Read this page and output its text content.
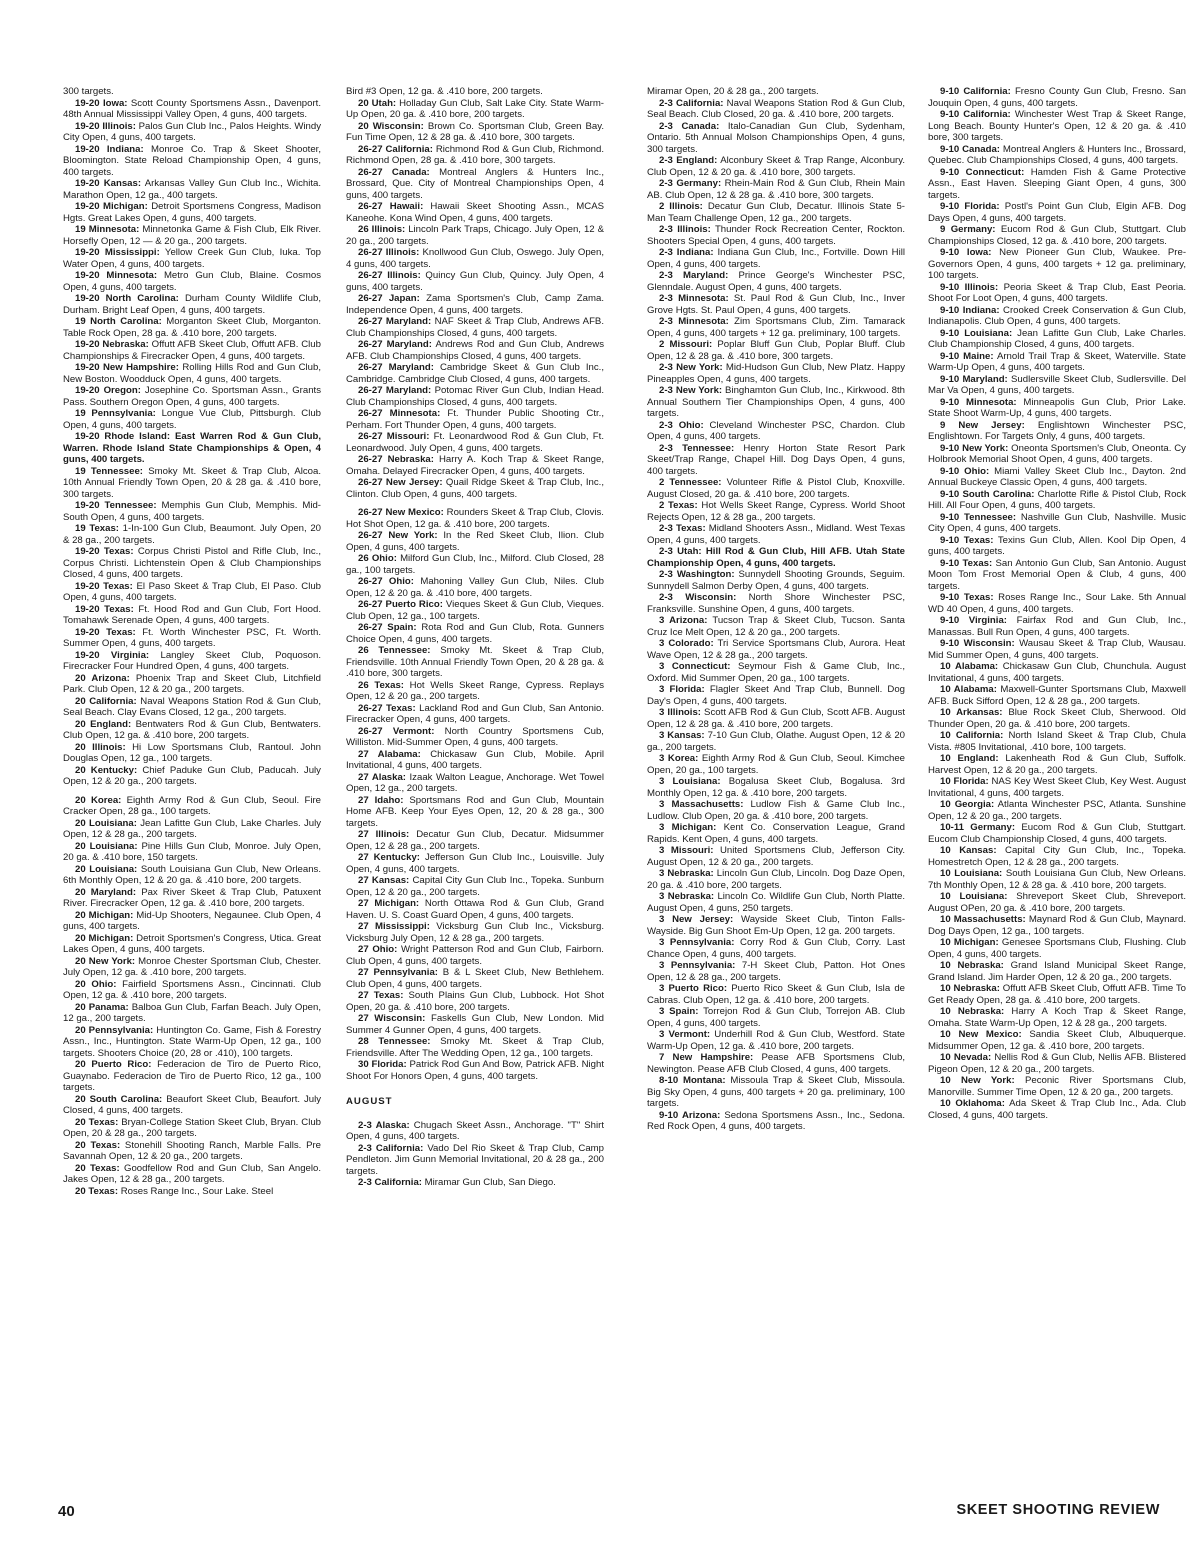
300 targets.

19-20 Iowa: Scott County Sportsmens Assn., Davenport. 48th Annual Mississippi Valley Open, 4 guns, 400 targets.

19-20 Illinois: Palos Gun Club Inc., Palos Heights. Windy City Open, 4 guns, 400 targets.

19-20 Indiana: Monroe Co. Trap & Skeet Shooter, Bloomington. State Reload Championship Open, 4 guns, 400 targets.

19-20 Kansas: Arkansas Valley Gun Club Inc., Wichita. Marathon Open, 12 ga., 400 targets.

19-20 Michigan: Detroit Sportsmens Congress, Madison Hgts. Great Lakes Open, 4 guns, 400 targets.

19 Minnesota: Minnetonka Game & Fish Club, Elk River. Horsefly Open, 12 — & 20 ga., 200 targets.

19-20 Mississippi: Yellow Creek Gun Club, Iuka. Top Water Open, 4 guns, 400 targets.

19-20 Minnesota: Metro Gun Club, Blaine. Cosmos Open, 4 guns, 400 targets.

19-20 North Carolina: Durham County Wildlife Club, Durham. Bright Leaf Open, 4 guns, 400 targets.

19 North Carolina: Morganton Skeet Club, Morganton. Table Rock Open, 28 ga. & .410 bore, 200 targets.

19-20 Nebraska: Offutt AFB Skeet Club, Offutt AFB. Club Championships & Firecracker Open, 4 guns, 400 targets.

19-20 New Hampshire: Rolling Hills Rod and Gun Club, New Boston. Woodduck Open, 4 guns, 400 targets.

19-20 Oregon: Josephine Co. Sportsman Assn., Grants Pass. Southern Oregon Open, 4 guns, 400 targets.

19 Pennsylvania: Longue Vue Club, Pittsburgh. Club Open, 4 guns, 400 targets.

19-20 Rhode Island: East Warren Rod & Gun Club, Warren. Rhode Island State Championships & Open, 4 guns, 400 targets.

19 Tennessee: Smoky Mt. Skeet & Trap Club, Alcoa. 10th Annual Friendly Town Open, 20 & 28 ga. & .410 bore, 300 targets.

19-20 Tennessee: Memphis Gun Club, Memphis. Mid-South Open, 4 guns, 400 targets.

19 Texas: 1-In-100 Gun Club, Beaumont. July Open, 20 & 28 ga., 200 targets.

19-20 Texas: Corpus Christi Pistol and Rifle Club, Inc., Corpus Christi. Lichtenstein Open & Club Championships Closed, 4 guns, 400 targets.

19-20 Texas: El Paso Skeet & Trap Club, El Paso. Club Open, 4 guns, 400 targets.

19-20 Texas: Ft. Hood Rod and Gun Club, Fort Hood. Tomahawk Serenade Open, 4 guns, 400 targets.

19-20 Texas: Ft. Worth Winchester PSC, Ft. Worth. Summer Open, 4 guns, 400 targets.

19-20 Virginia: Langley Skeet Club, Poquoson. Firecracker Four Hundred Open, 4 guns, 400 targets.

20 Arizona: Phoenix Trap and Skeet Club, Litchfield Park. Club Open, 12 & 20 ga., 200 targets.

20 California: Naval Weapons Station Rod & Gun Club, Seal Beach. Clay Evans Closed, 12 ga., 200 targets.

20 England: Bentwaters Rod & Gun Club, Bentwaters. Club Open, 12 ga. & .410 bore, 200 targets.

20 Illinois: Hi Low Sportsmans Club, Rantoul. John Douglas Open, 12 ga., 100 targets.

20 Kentucky: Chief Paduke Gun Club, Paducah. July Open, 12 & 20 ga., 200 targets.

20 Korea: Eighth Army Rod & Gun Club, Seoul. Fire Cracker Open, 28 ga., 100 targets.

20 Louisiana: Jean Lafitte Gun Club, Lake Charles. July Open, 12 & 28 ga., 200 targets.

20 Louisiana: Pine Hills Gun Club, Monroe. July Open, 20 ga. & .410 bore, 150 targets.

20 Louisiana: South Louisiana Gun Club, New Orleans. 6th Monthly Open, 12 & 20 ga. & .410 bore, 200 targets.

20 Maryland: Pax River Skeet & Trap Club, Patuxent River. Firecracker Open, 12 ga. & .410 bore, 200 targets.

20 Michigan: Mid-Up Shooters, Negaunee. Club Open, 4 guns, 400 targets.

20 Michigan: Detroit Sportsmen's Congress, Utica. Great Lakes Open, 4 guns, 400 targets.

20 New York: Monroe Chester Sportsman Club, Chester. July Open, 12 ga. & .410 bore, 200 targets.

20 Ohio: Fairfield Sportsmens Assn., Cincinnati. Club Open, 12 ga. & .410 bore, 200 targets.

20 Panama: Balboa Gun Club, Farfan Beach. July Open, 12 ga., 200 targets.

20 Pennsylvania: Huntington Co. Game, Fish & Forestry Assn., Inc., Huntington. State Warm-Up Open, 12 ga., 100 targets. Shooters Choice (20, 28 or .410), 100 targets.

20 Puerto Rico: Federacion de Tiro de Puerto Rico, Guaynabo. Federacion de Tiro de Puerto Rico, 12 ga., 100 targets.

20 South Carolina: Beaufort Skeet Club, Beaufort. July Closed, 4 guns, 400 targets.

20 Texas: Bryan-College Station Skeet Club, Bryan. Club Open, 20 & 28 ga., 200 targets.

20 Texas: Stonehill Shooting Ranch, Marble Falls. Pre Savannah Open, 12 & 20 ga., 200 targets.

20 Texas: Goodfellow Rod and Gun Club, San Angelo. Jakes Open, 12 & 28 ga., 200 targets.

20 Texas: Roses Range Inc., Sour Lake. Steel

Bird #3 Open, 12 ga. & .410 bore, 200 targets.

20 Utah: Holladay Gun Club, Salt Lake City. State Warm-Up Open, 20 ga. & .410 bore, 200 targets.

20 Wisconsin: Brown Co. Sportsman Club, Green Bay. Fun Time Open, 12 & 28 ga. & .410 bore, 300 targets.

26-27 California: Richmond Rod & Gun Club, Richmond. Richmond Open, 28 ga. & .410 bore, 300 targets.

26-27 Canada: Montreal Anglers & Hunters Inc., Brossard, Que. City of Montreal Championships Open, 4 guns, 400 targets.

26-27 Hawaii: Hawaii Skeet Shooting Assn., MCAS Kaneohe. Kona Wind Open, 4 guns, 400 targets.

26 Illinois: Lincoln Park Traps, Chicago. July Open, 12 & 20 ga., 200 targets.

26-27 Illinois: Knollwood Gun Club, Oswego. July Open, 4 guns, 400 targets.

26-27 Illinois: Quincy Gun Club, Quincy. July Open, 4 guns, 400 targets.

26-27 Japan: Zama Sportsmen's Club, Camp Zama. Independence Open, 4 guns, 400 targets.

26-27 Maryland: NAF Skeet & Trap Club, Andrews AFB. Club Championships Closed, 4 guns, 400 targets.

26-27 Maryland: Andrews Rod and Gun Club, Andrews AFB. Club Championships Closed, 4 guns, 400 targets.

26-27 Maryland: Cambridge Skeet & Gun Club Inc., Cambridge. Cambridge Club Closed, 4 guns, 400 targets.

26-27 Maryland: Potomac River Gun Club, Indian Head. Club Championships Closed, 4 guns, 400 targets.

26-27 Minnesota: Ft. Thunder Public Shooting Ctr., Perham. Fort Thunder Open, 4 guns, 400 targets.

26-27 Missouri: Ft. Leonardwood Rod & Gun Club, Ft. Leonardwood. July Open, 4 guns, 400 targets.

26-27 Nebraska: Harry A. Koch Trap & Skeet Range, Omaha. Delayed Firecracker Open, 4 guns, 400 targets.

26-27 New Jersey: Quail Ridge Skeet & Trap Club, Inc., Clinton. Club Open, 4 guns, 400 targets.

26-27 New Mexico: Rounders Skeet & Trap Club, Clovis. Hot Shot Open, 12 ga. & .410 bore, 200 targets.

26-27 New York: In the Red Skeet Club, Ilion. Club Open, 4 guns, 400 targets.

26 Ohio: Milford Gun Club, Inc., Milford. Club Closed, 28 ga., 100 targets.

26-27 Ohio: Mahoning Valley Gun Club, Niles. Club Open, 12 & 20 ga. & .410 bore, 400 targets.

26-27 Puerto Rico: Vieques Skeet & Gun Club, Vieques. Club Open, 12 ga., 100 targets.

26-27 Spain: Rota Rod and Gun Club, Rota. Gunners Choice Open, 4 guns, 400 targets.

26 Tennessee: Smoky Mt. Skeet & Trap Club, Friendsville. 10th Annual Friendly Town Open, 20 & 28 ga. & .410 bore, 300 targets.

26 Texas: Hot Wells Skeet Range, Cypress. Replays Open, 12 & 20 ga., 200 targets.

26-27 Texas: Lackland Rod and Gun Club, San Antonio. Firecracker Open, 4 guns, 400 targets.

26-27 Vermont: North Country Sportsmens Cub, Williston. Mid-Summer Open, 4 guns, 400 targets.

27 Alabama: Chickasaw Gun Club, Mobile. April Invitational, 4 guns, 400 targets.

27 Alaska: Izaak Walton League, Anchorage. Wet Towel Open, 12 ga., 200 targets.

27 Idaho: Sportsmans Rod and Gun Club, Mountain Home AFB. Keep Your Eyes Open, 12, 20 & 28 ga., 300 targets.

27 Illinois: Decatur Gun Club, Decatur. Midsummer Open, 12 & 28 ga., 200 targets.

27 Kentucky: Jefferson Gun Club Inc., Louisville. July Open, 4 guns, 400 targets.

27 Kansas: Capital City Gun Club Inc., Topeka. Sunburn Open, 12 & 20 ga., 200 targets.

27 Michigan: North Ottawa Rod & Gun Club, Grand Haven. U. S. Coast Guard Open, 4 guns, 400 targets.

27 Mississippi: Vicksburg Gun Club Inc., Vicksburg. Vicksburg July Open, 12 & 28 ga., 200 targets.

27 Ohio: Wright Patterson Rod and Gun Club, Fairborn. Club Open, 4 guns, 400 targets.

27 Pennsylvania: B & L Skeet Club, New Bethlehem. Club Open, 4 guns, 400 targets.

27 Texas: South Plains Gun Club, Lubbock. Hot Shot Open, 20 ga. & .410 bore, 200 targets.

27 Wisconsin: Faskells Gun Club, New London. Mid Summer 4 Gunner Open, 4 guns, 400 targets.

28 Tennessee: Smoky Mt. Skeet & Trap Club, Friendsville. After The Wedding Open, 12 ga., 100 targets.

30 Florida: Patrick Rod Gun And Bow, Patrick AFB. Night Shoot For Honors Open, 4 guns, 400 targets.

AUGUST

2-3 Alaska: Chugach Skeet Assn., Anchorage. "T" Shirt Open, 4 guns, 400 targets.

2-3 California: Vado Del Rio Skeet & Trap Club, Camp Pendleton. Jim Gunn Memorial Invitational, 20 & 28 ga., 200 targets.

2-3 California: Miramar Gun Club, San Diego.

Miramar Open, 20 & 28 ga., 200 targets.

2-3 California: Naval Weapons Station Rod & Gun Club, Seal Beach. Club Closed, 20 ga. & .410 bore, 200 targets.

2-3 Canada: Italo-Canadian Gun Club, Sydenham, Ontario. 5th Annual Molson Championships Open, 4 guns, 300 targets.

2-3 England: Alconbury Skeet & Trap Range, Alconbury. Club Open, 12 & 20 ga. & .410 bore, 300 targets.

2-3 Germany: Rhein-Main Rod & Gun Club, Rhein Main AB. Club Open, 12 & 28 ga. & .410 bore, 300 targets.

2 Illinois: Decatur Gun Club, Decatur. Illinois State 5-Man Team Challenge Open, 12 ga., 200 targets.

2-3 Illinois: Thunder Rock Recreation Center, Rockton. Shooters Special Open, 4 guns, 400 targets.

2-3 Indiana: Indiana Gun Club, Inc., Fortville. Down Hill Open, 4 guns, 400 targets.

2-3 Maryland: Prince George's Winchester PSC, Glenndale. August Open, 4 guns, 400 targets.

2-3 Minnesota: St. Paul Rod & Gun Club, Inc., Inver Grove Hgts. St. Paul Open, 4 guns, 400 targets.

2-3 Minnesota: Zim Sportsmans Club, Zim. Tamarack Open, 4 guns, 400 targets + 12 ga. preliminary, 100 targets.

2 Missouri: Poplar Bluff Gun Club, Poplar Bluff. Club Open, 12 & 28 ga. & .410 bore, 300 targets.

2-3 New York: Mid-Hudson Gun Club, New Platz. Happy Pineapples Open, 4 guns, 400 targets.

2-3 New York: Binghamton Gun Club, Inc., Kirkwood. 8th Annual Southern Tier Championships Open, 4 guns, 400 targets.

2-3 Ohio: Cleveland Winchester PSC, Chardon. Club Open, 4 guns, 400 targets.

2-3 Tennessee: Henry Horton State Resort Park Skeet/Trap Range, Chapel Hill. Dog Days Open, 4 guns, 400 targets.

2 Tennessee: Volunteer Rifle & Pistol Club, Knoxville. August Closed, 20 ga. & .410 bore, 200 targets.

2 Texas: Hot Wells Skeet Range, Cypress. World Shoot Rejects Open, 12 & 28 ga., 200 targets.

2-3 Texas: Midland Shooters Assn., Midland. West Texas Open, 4 guns, 400 targets.

2-3 Utah: Hill Rod & Gun Club, Hill AFB. Utah State Championship Open, 4 guns, 400 targets.

2-3 Washington: Sunnydell Shooting Grounds, Seguim. Sunnydell Salmon Derby Open, 4 guns, 400 targets.

2-3 Wisconsin: North Shore Winchester PSC, Franksville. Sunshine Open, 4 guns, 400 targets.

3 Arizona: Tucson Trap & Skeet Club, Tucson. Santa Cruz Ice Melt Open, 12 & 20 ga., 200 targets.

3 Colorado: Tri Service Sportsmans Club, Aurora. Heat Wave Open, 12 & 28 ga., 200 targets.

3 Connecticut: Seymour Fish & Game Club, Inc., Oxford. Mid Summer Open, 20 ga., 100 targets.

3 Florida: Flagler Skeet And Trap Club, Bunnell. Dog Day's Open, 4 guns, 400 targets.

3 Illinois: Scott AFB Rod & Gun Club, Scott AFB. August Open, 12 & 28 ga. & .410 bore, 200 targets.

3 Kansas: 7-10 Gun Club, Olathe. August Open, 12 & 20 ga., 200 targets.

3 Korea: Eighth Army Rod & Gun Club, Seoul. Kimchee Open, 20 ga., 100 targets.

3 Louisiana: Bogalusa Skeet Club, Bogalusa. 3rd Monthly Open, 12 ga. & .410 bore, 200 targets.

3 Massachusetts: Ludlow Fish & Game Club Inc., Ludlow. Club Open, 20 ga. & .410 bore, 200 targets.

3 Michigan: Kent Co. Conservation League, Grand Rapids. Kent Open, 4 guns, 400 targets.

3 Missouri: United Sportsmens Club, Jefferson City. August Open, 12 & 20 ga., 200 targets.

3 Nebraska: Lincoln Gun Club, Lincoln. Dog Daze Open, 20 ga. & .410 bore, 200 targets.

3 Nebraska: Lincoln Co. Wildlife Gun Club, North Platte. August Open, 4 guns, 250 targets.

3 New Jersey: Wayside Skeet Club, Tinton Falls-Wayside. Big Gun Shoot Em-Up Open, 12 ga. 200 targets.

3 Pennsylvania: Corry Rod & Gun Club, Corry. Last Chance Open, 4 guns, 400 targets.

3 Pennsylvania: 7-H Skeet Club, Patton. Hot Ones Open, 12 & 28 ga., 200 targets.

3 Puerto Rico: Puerto Rico Skeet & Gun Club, Isla de Cabras. Club Open, 12 ga. & .410 bore, 200 targets.

3 Spain: Torrejon Rod & Gun Club, Torrejon AB. Club Open, 4 guns, 400 targets.

3 Vermont: Underhill Rod & Gun Club, Westford. State Warm-Up Open, 12 ga. & .410 bore, 200 targets.

7 New Hampshire: Pease AFB Sportsmens Club, Newington. Pease AFB Club Closed, 4 guns, 400 targets.

8-10 Montana: Missoula Trap & Skeet Club, Missoula. Big Sky Open, 4 guns, 400 targets + 20 ga. preliminary, 100 targets.

9-10 Arizona: Sedona Sportsmens Assn., Inc., Sedona. Red Rock Open, 4 guns, 400 targets.

9-10 California: Fresno County Gun Club, Fresno. San Jouquin Open, 4 guns, 400 targets.

9-10 California: Winchester West Trap & Skeet Range, Long Beach. Bounty Hunter's Open, 12 & 20 ga. & .410 bore, 300 targets.

9-10 Canada: Montreal Anglers & Hunters Inc., Brossard, Quebec. Club Championships Closed, 4 guns, 400 targets.

9-10 Connecticut: Hamden Fish & Game Protective Assn., East Haven. Sleeping Giant Open, 4 guns, 300 targets.

9-10 Florida: Postl's Point Gun Club, Elgin AFB. Dog Days Open, 4 guns, 400 targets.

9 Germany: Eucom Rod & Gun Club, Stuttgart. Club Championships Closed, 12 ga. & .410 bore, 200 targets.

9-10 Iowa: New Pioneer Gun Club, Waukee. Pre-Governors Open, 4 guns, 400 targets + 12 ga. preliminary, 100 targets.

9-10 Illinois: Peoria Skeet & Trap Club, East Peoria. Shoot For Loot Open, 4 guns, 400 targets.

9-10 Indiana: Crooked Creek Conservation & Gun Club, Indianapolis. Club Open, 4 guns, 400 targets.

9-10 Louisiana: Jean Lafitte Gun Club, Lake Charles. Club Championship Closed, 4 guns, 400 targets.

9-10 Maine: Arnold Trail Trap & Skeet, Waterville. State Warm-Up Open, 4 guns, 400 targets.

9-10 Maryland: Sudlersville Skeet Club, Sudlersville. Del Mar Va Open, 4 guns, 400 targets.

9-10 Minnesota: Minneapolis Gun Club, Prior Lake. State Shoot Warm-Up, 4 guns, 400 targets.

9 New Jersey: Englishtown Winchester PSC, Englishtown. For Targets Only, 4 guns, 400 targets.

9-10 New York: Oneonta Sportsmen's Club, Oneonta. Cy Holbrook Memorial Shoot Open, 4 guns, 400 targets.

9-10 Ohio: Miami Valley Skeet Club Inc., Dayton. 2nd Annual Buckeye Classic Open, 4 guns, 400 targets.

9-10 South Carolina: Charlotte Rifle & Pistol Club, Rock Hill. All Four Open, 4 guns, 400 targets.

9-10 Tennessee: Nashville Gun Club, Nashville. Music City Open, 4 guns, 400 targets.

9-10 Texas: Texins Gun Club, Allen. Kool Dip Open, 4 guns, 400 targets.

9-10 Texas: San Antonio Gun Club, San Antonio. August Moon Tom Frost Memorial Open & Club, 4 guns, 400 targets.

9-10 Texas: Roses Range Inc., Sour Lake. 5th Annual WD 40 Open, 4 guns, 400 targets.

9-10 Virginia: Fairfax Rod and Gun Club, Inc., Manassas. Bull Run Open, 4 guns, 400 targets.

9-10 Wisconsin: Wausau Skeet & Trap Club, Wausau. Mid Summer Open, 4 guns, 400 targets.

10 Alabama: Chickasaw Gun Club, Chunchula. August Invitational, 4 guns, 400 targets.

10 Alabama: Maxwell-Gunter Sportsmans Club, Maxwell AFB. Buck Sifford Open, 12 & 28 ga., 200 targets.

10 Arkansas: Blue Rock Skeet Club, Sherwood. Old Thunder Open, 20 ga. & .410 bore, 200 targets.

10 California: North Island Skeet & Trap Club, Chula Vista. #805 Invitational, .410 bore, 100 targets.

10 England: Lakenheath Rod & Gun Club, Suffolk. Harvest Open, 12 & 20 ga., 200 targets.

10 Florida: NAS Key West Skeet Club, Key West. August Invitational, 4 guns, 400 targets.

10 Georgia: Atlanta Winchester PSC, Atlanta. Sunshine Open, 12 & 20 ga., 200 targets.

10-11 Germany: Eucom Rod & Gun Club, Stuttgart. Eucom Club Championship Closed, 4 guns, 400 targets.

10 Kansas: Capital City Gun Club, Inc., Topeka. Homestretch Open, 12 & 28 ga., 200 targets.

10 Louisiana: South Louisiana Gun Club, New Orleans. 7th Monthly Open, 12 & 28 ga. & .410 bore, 200 targets.

10 Louisiana: Shreveport Skeet Club, Shreveport. August OPen, 20 ga. & .410 bore, 200 targets.

10 Massachusetts: Maynard Rod & Gun Club, Maynard. Dog Days Open, 12 ga., 100 targets.

10 Michigan: Genesee Sportsmans Club, Flushing. Club Open, 4 guns, 400 targets.

10 Nebraska: Grand Island Municipal Skeet Range, Grand Island. Jim Harder Open, 12 & 20 ga., 200 targets.

10 Nebraska: Offutt AFB Skeet Club, Offutt AFB. Time To Get Ready Open, 28 ga. & .410 bore, 200 targets.

10 Nebraska: Harry A Koch Trap & Skeet Range, Omaha. State Warm-Up Open, 12 & 28 ga., 200 targets.

10 New Mexico: Sandia Skeet Club, Albuquerque. Midsummer Open, 12 ga. & .410 bore, 200 targets.

10 Nevada: Nellis Rod & Gun Club, Nellis AFB. Blistered Pigeon Open, 12 & 20 ga., 200 targets.

10 New York: Peconic River Sportsmans Club, Manorville. Summer Time Open, 12 & 20 ga., 200 targets.

10 Oklahoma: Ada Skeet & Trap Club Inc., Ada. Club Closed, 4 guns, 400 targets.

40	SKEET SHOOTING REVIEW
